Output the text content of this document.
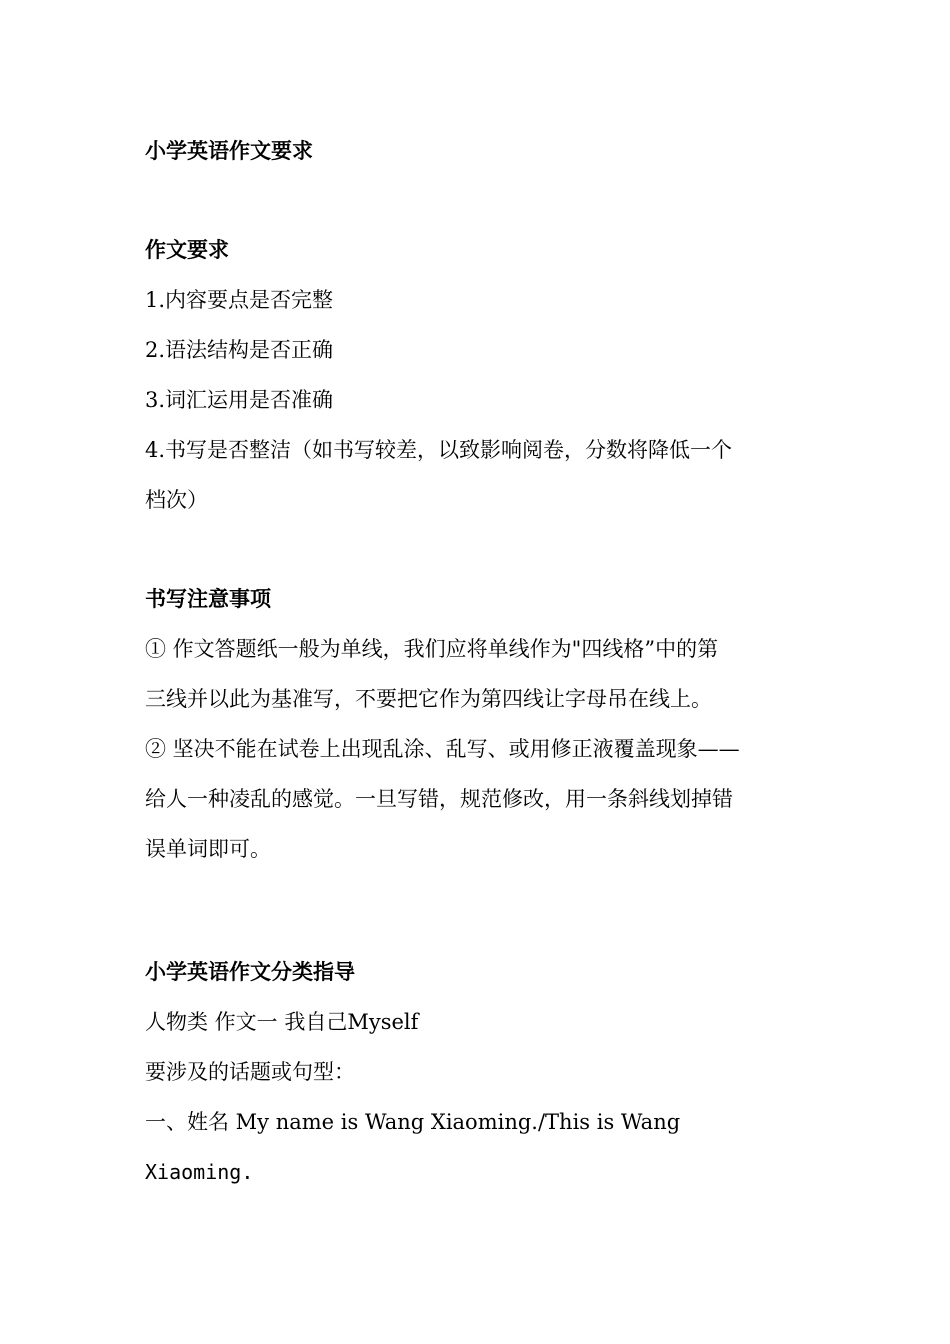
小学英语作文要求
作文要求
1.内容要点是否完整
2.语法结构是否正确
3.词汇运用是否准确
4.书写是否整洁（如书写较差，以致影响阅卷，分数将降低一个
档次）
书写注意事项
① 作文答题纸一般为单线，我们应将单线作为"四线格”中的第
三线并以此为基准写，不要把它作为第四线让字母吊在线上。
② 坚决不能在试卷上出现乱涂、乱写、或用修正液覆盖现象——
给人一种凌乱的感觉。一旦写错，规范修改，用一条斜线划掉错
误单词即可。
小学英语作文分类指导
人物类 作文一 我自己Myself
要涉及的话题或句型：
一、姓名 My name is Wang Xiaoming./This is Wang
Xiaoming.
